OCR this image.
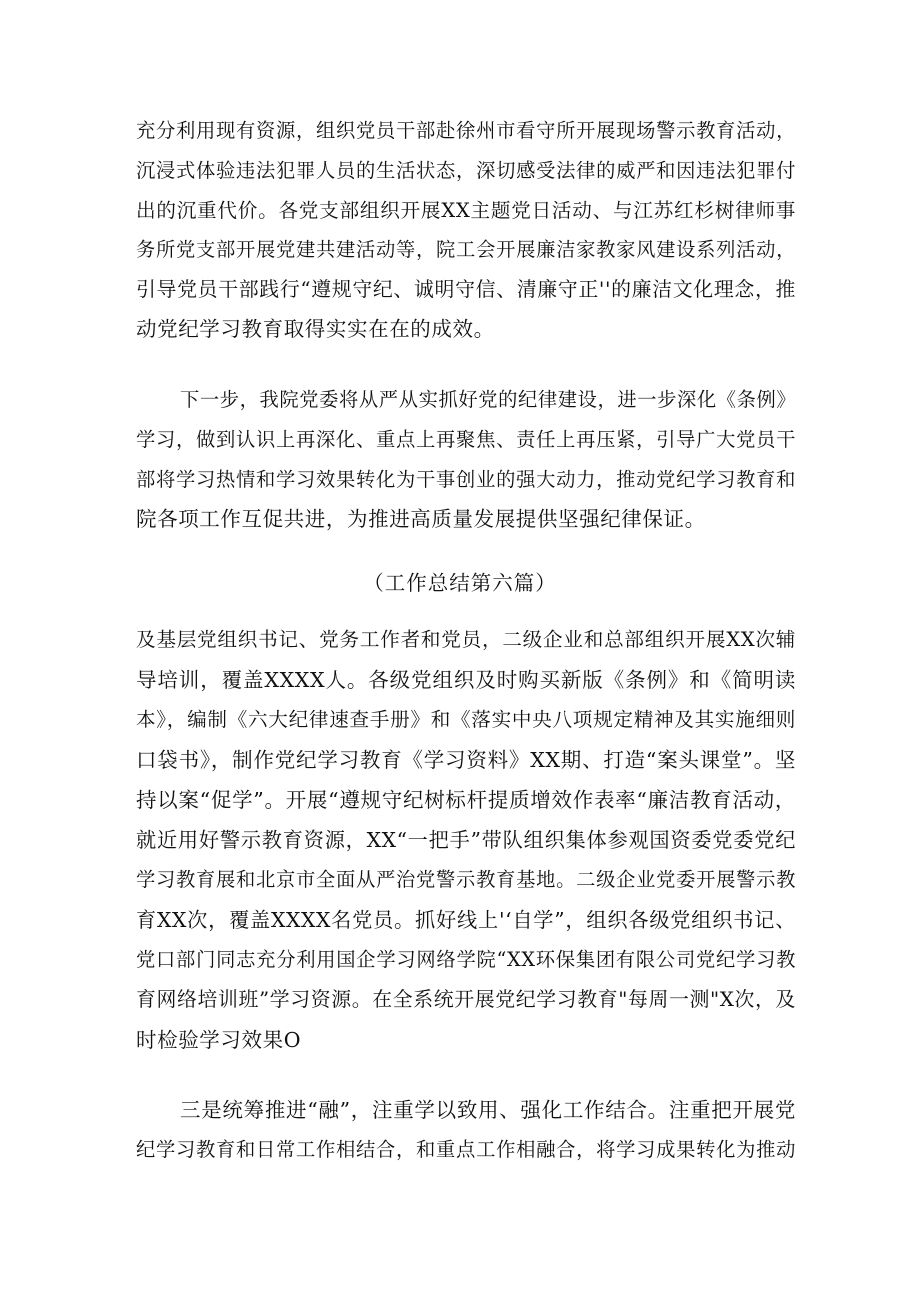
充分利用现有资源，组织党员干部赴徐州市看守所开展现场警示教育活动，
沉浸式体验违法犯罪人员的生活状态，深切感受法律的威严和因违法犯罪付
出的沉重代价。各党支部组织开展XX主题党日活动、与江苏红杉树律师事
务所党支部开展党建共建活动等，院工会开展廉洁家教家风建设系列活动，
引导党员干部践行“遵规守纪、诚明守信、清廉守正''的廉洁文化理念，推
动党纪学习教育取得实实在在的成效。
下一步，我院党委将从严从实抓好党的纪律建设，进一步深化《条例》
学习，做到认识上再深化、重点上再聚焦、责任上再压紧，引导广大党员干
部将学习热情和学习效果转化为干事创业的强大动力，推动党纪学习教育和
院各项工作互促共进，为推进高质量发展提供坚强纪律保证。
（工作总结第六篇）
及基层党组织书记、党务工作者和党员，二级企业和总部组织开展XX次辅
导培训，覆盖XXXX人。各级党组织及时购买新版《条例》和《简明读
本》，编制《六大纪律速查手册》和《落实中央八项规定精神及其实施细则
口袋书》，制作党纪学习教育《学习资料》XX期、打造“案头课堂”。坚
持以案“促学”。开展“遵规守纪树标杆提质增效作表率“廉洁教育活动，
就近用好警示教育资源，XX“一把手”带队组织集体参观国资委党委党纪
学习教育展和北京市全面从严治党警示教育基地。二级企业党委开展警示教
育XX次，覆盖XXXX名党员。抓好线上'‘自学”，组织各级党组织书记、
党口部门同志充分利用国企学习网络学院“XX环保集团有限公司党纪学习教
育网络培训班”学习资源。在全系统开展党纪学习教育"每周一测"X次，及
时检验学习效果O
三是统筹推进“融”，注重学以致用、强化工作结合。注重把开展党
纪学习教育和日常工作相结合，和重点工作相融合，将学习成果转化为推动
